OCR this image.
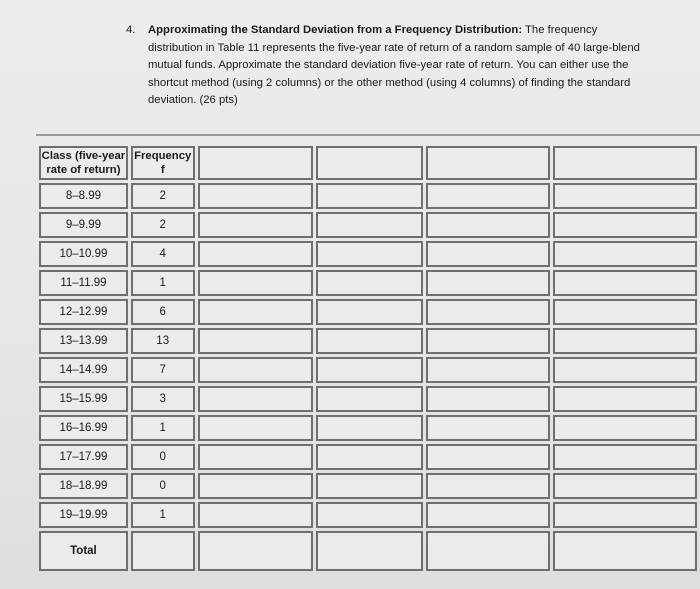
4. Approximating the Standard Deviation from a Frequency Distribution: The frequency distribution in Table 11 represents the five-year rate of return of a random sample of 40 large-blend mutual funds. Approximate the standard deviation five-year rate of return. You can either use the shortcut method (using 2 columns) or the other method (using 4 columns) of finding the standard deviation. (26 pts)
Class (five-year rate of return)	Frequency
f				

8–8.99	2				
9–9.99	2				
10–10.99	4				
11–11.99	1				
12–12.99	6				
13–13.99	13				
14–14.99	7				
15–15.99	3				
16–16.99	1				
17–17.99	0				
18–18.99	0				
19–19.99	1				
Total					
